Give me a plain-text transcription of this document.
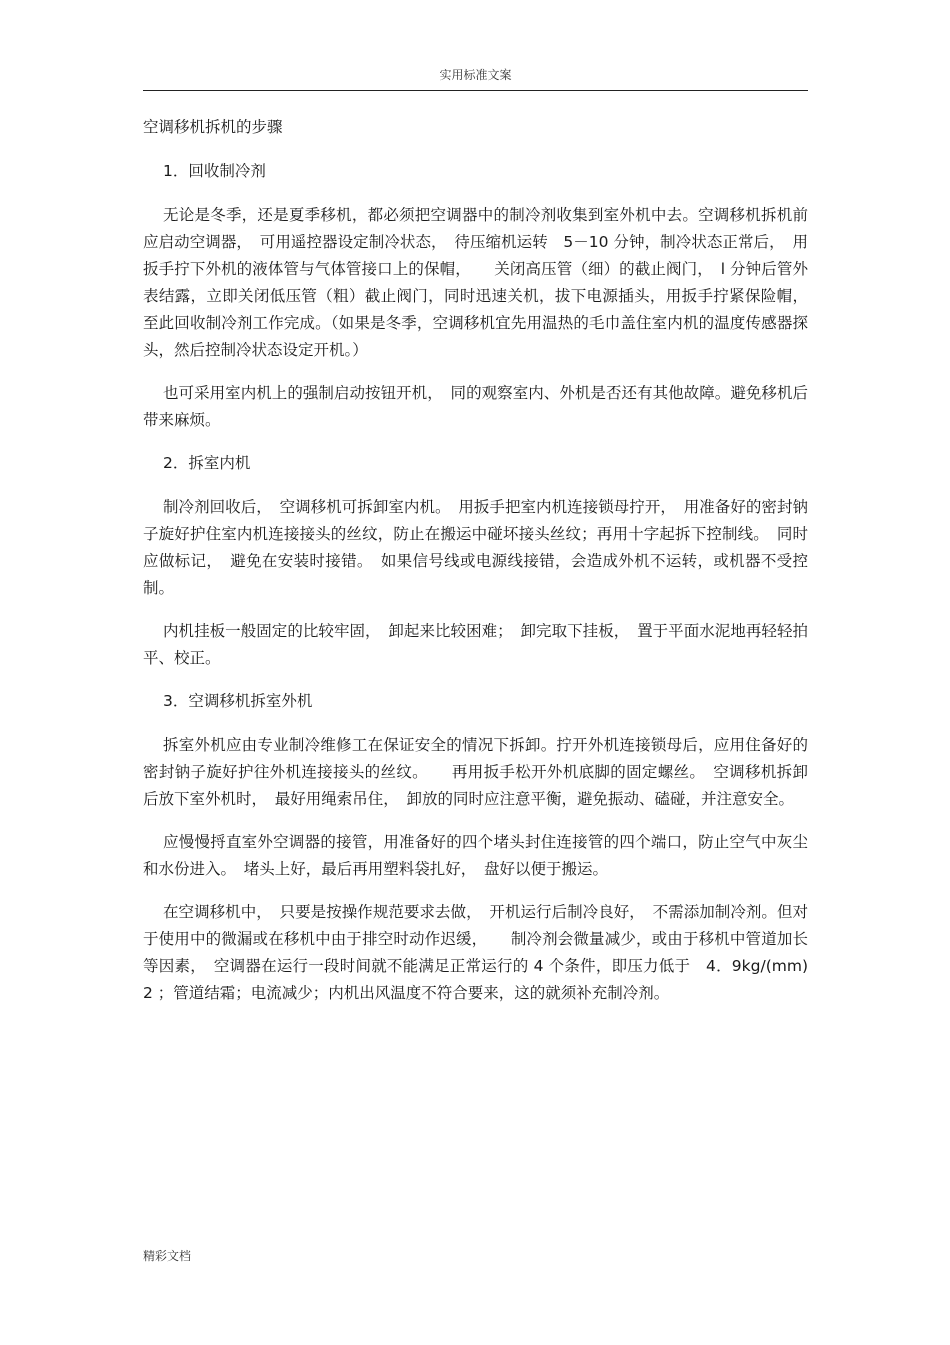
实用标准文案
空调移机拆机的步骤
1．回收制冷剂

无论是冬季，还是夏季移机，都必须把空调器中的制冷剂收集到室外机中去。空调移机拆机前应启动空调器，　可用遥控器设定制冷状态，　待压缩机运转　5－10 分钟，制冷状态正常后，　用扳手拧下外机的液体管与气体管接口上的保帽，　　关闭高压管（细）的截止阀门，　l 分钟后管外表结露，立即关闭低压管（粗）截止阀门，同时迅速关机，拔下电源插头，用扳手拧紧保险帽，至此回收制冷剂工作完成。（如果是冬季，空调移机宜先用温热的毛巾盖住室内机的温度传感器探头，然后控制冷状态设定开机。）

也可采用室内机上的强制启动按钮开机，　同的观察室内、外机是否还有其他故障。避免移机后带来麻烦。

2．拆室内机

制冷剂回收后，　空调移机可拆卸室内机。　用扳手把室内机连接锁母拧开，　用准备好的密封钠子旋好护住室内机连接接头的丝纹，防止在搬运中碰坏接头丝纹；再用十字起拆下控制线。　同时应做标记，　避免在安装时接错。　如果信号线或电源线接错，会造成外机不运转，或机器不受控制。

内机挂板一般固定的比较牢固，　卸起来比较困难；　卸完取下挂板，　置于平面水泥地再轻轻拍平、校正。

3．空调移机拆室外机

拆室外机应由专业制冷维修工在保证安全的情况下拆卸。拧开外机连接锁母后，应用住备好的密封钠子旋好护往外机连接接头的丝纹。　　再用扳手松开外机底脚的固定螺丝。　空调移机拆卸后放下室外机时，　最好用绳索吊住，　卸放的同时应注意平衡，避免振动、磕碰，并注意安全。

应慢慢捋直室外空调器的接管，用准备好的四个堵头封住连接管的四个端口，防止空气中灰尘和水份进入。　堵头上好，最后再用塑料袋扎好，　盘好以便于搬运。

在空调移机中，　只要是按操作规范要求去做，　开机运行后制冷良好，　不需添加制冷剂。但对于使用中的微漏或在移机中由于排空时动作迟缓，　　制冷剂会微量减少，或由于移机中管道加长等因素，　空调器在运行一段时间就不能满足正常运行的 4 个条件，即压力低于　4．9kg/(mm)2 ；管道结霜；电流减少；内机出风温度不符合要来，这的就须补充制冷剂。

精彩文档
